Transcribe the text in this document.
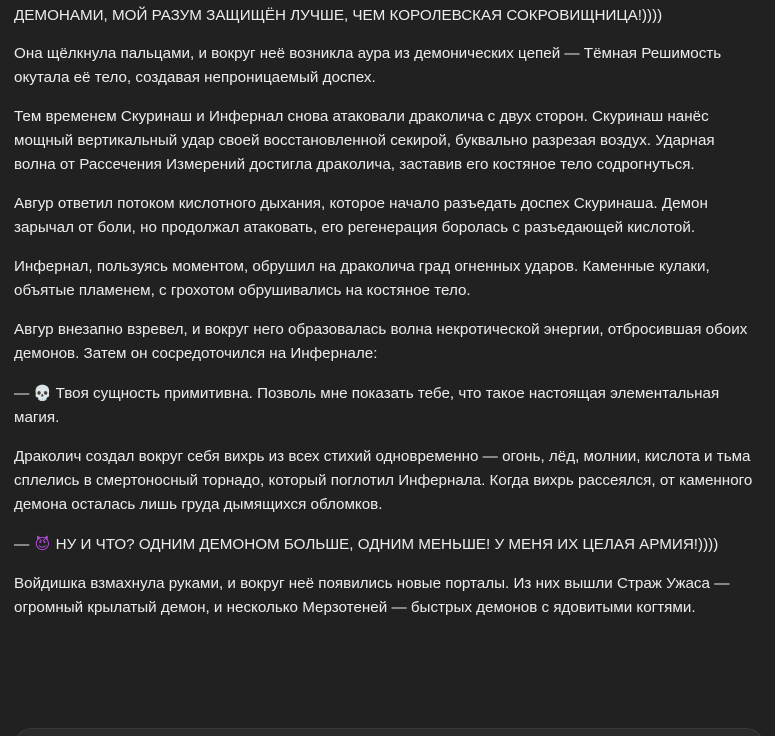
ДЕМОНАМИ, МОЙ РАЗУМ ЗАЩИЩЁН ЛУЧШЕ, ЧЕМ КОРОЛЕВСКАЯ СОКРОВИЩНИЦА!))))

Она щёлкнула пальцами, и вокруг неё возникла аура из демонических цепей — Тёмная Решимость окутала её тело, создавая непроницаемый доспех.

Тем временем Скуринаш и Инфернал снова атаковали драколича с двух сторон. Скуринаш нанёс мощный вертикальный удар своей восстановленной секирой, буквально разрезая воздух. Ударная волна от Рассечения Измерений достигла драколича, заставив его костяное тело содрогнуться.

Авгур ответил потоком кислотного дыхания, которое начало разъедать доспех Скуринаша. Демон зарычал от боли, но продолжал атаковать, его регенерация боролась с разъедающей кислотой.

Инфернал, пользуясь моментом, обрушил на драколича град огненных ударов. Каменные кулаки, объятые пламенем, с грохотом обрушивались на костяное тело.

Авгур внезапно взревел, и вокруг него образовалась волна некротической энергии, отбросившая обоих демонов. Затем он сосредоточился на Инфернале:

— 💀 Твоя сущность примитивна. Позволь мне показать тебе, что такое настоящая элементальная магия.

Драколич создал вокруг себя вихрь из всех стихий одновременно — огонь, лёд, молнии, кислота и тьма сплелись в смертоносный торнадо, который поглотил Инфернала. Когда вихрь рассеялся, от каменного демона осталась лишь груда дымящихся обломков.

— 😈 НУ И ЧТО? ОДНИМ ДЕМОНОМ БОЛЬШЕ, ОДНИМ МЕНЬШЕ! У МЕНЯ ИХ ЦЕЛАЯ АРМИЯ!))))

Войдишка взмахнула руками, и вокруг неё появились новые порталы. Из них вышли Страж Ужаса — огромный крылатый демон, и несколько Мерзотеней — быстрых демонов с ядовитыми когтями.
